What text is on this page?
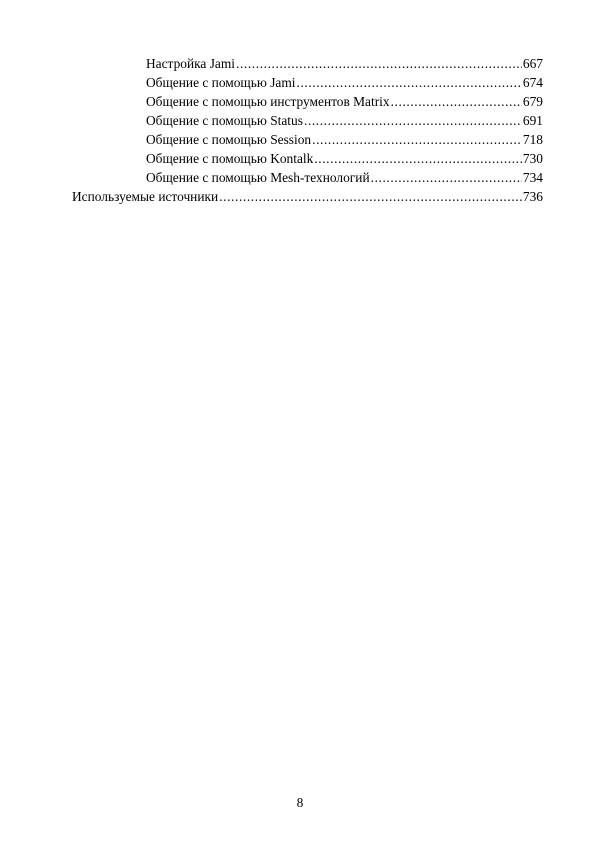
Настройка Jami .....	667
Общение с помощью Jami .....	674
Общение с помощью инструментов Matrix .....	679
Общение с помощью Status .....	691
Общение с помощью Session .....	718
Общение с помощью Kontalk .....	730
Общение с помощью Mesh-технологий .....	734
Используемые источники .....	736
8
